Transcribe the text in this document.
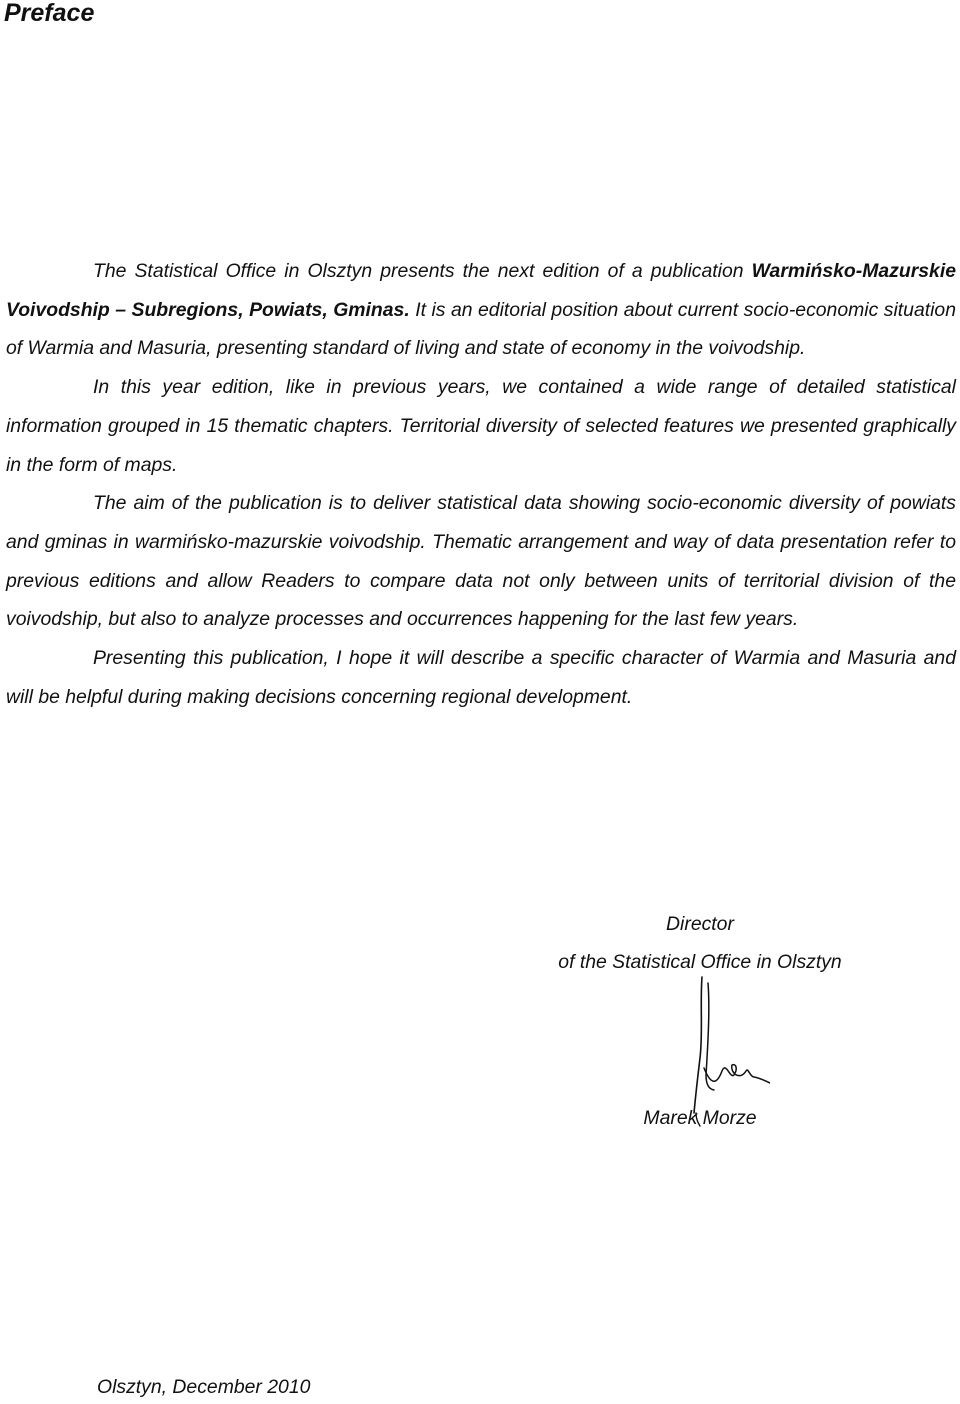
Preface

The Statistical Office in Olsztyn presents the next edition of a publication Warmińsko-Mazurskie Voivodship – Subregions, Powiats, Gminas. It is an editorial position about current socio-economic situation of Warmia and Masuria, presenting standard of living and state of economy in the voivodship.

In this year edition, like in previous years, we contained a wide range of detailed statistical information grouped in 15 thematic chapters. Territorial diversity of selected features we presented graphically in the form of maps.

The aim of the publication is to deliver statistical data showing socio-economic diversity of powiats and gminas in warmińsko-mazurskie voivodship. Thematic arrangement and way of data presentation refer to previous editions and allow Readers to compare data not only between units of territorial division of the voivodship, but also to analyze processes and occurrences happening for the last few years.

Presenting this publication, I hope it will describe a specific character of Warmia and Masuria and will be helpful during making decisions concerning regional development.

Director
of the Statistical Office in Olsztyn
Marek Morze
Olsztyn, December 2010
